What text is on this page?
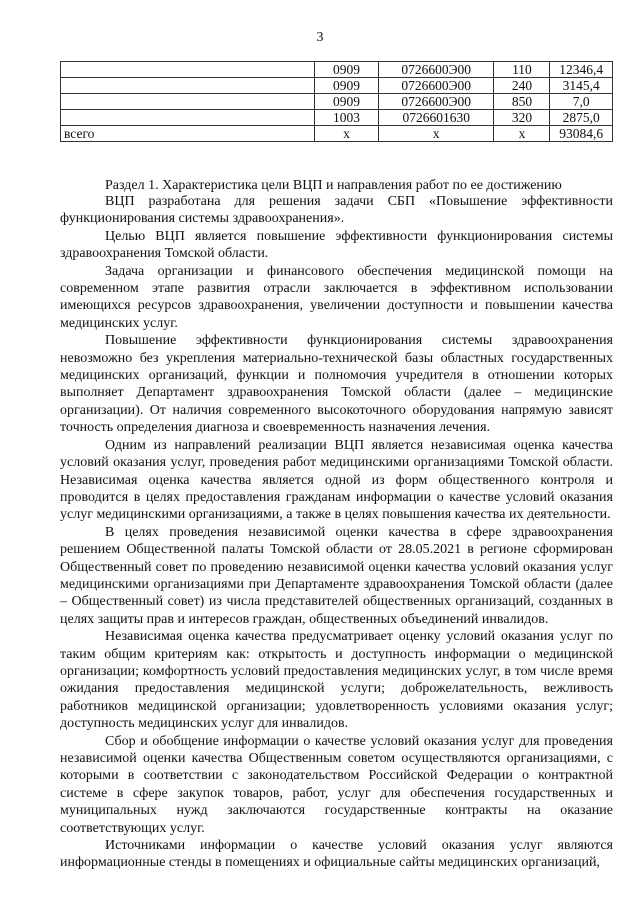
3
	0909	0726600Э00	110	12346,4
	0909	0726600Э00	240	3145,4
	0909	0726600Э00	850	7,0
	1003	0726601630	320	2875,0
всего	х	х	х	93084,6
Раздел 1. Характеристика цели ВЦП и направления работ по ее достижению

ВЦП разработана для решения задачи СБП «Повышение эффективности функционирования системы здравоохранения».

Целью ВЦП является повышение эффективности функционирования системы здравоохранения Томской области.

Задача организации и финансового обеспечения медицинской помощи на современном этапе развития отрасли заключается в эффективном использовании имеющихся ресурсов здравоохранения, увеличении доступности и повышении качества медицинских услуг.

Повышение эффективности функционирования системы здравоохранения невозможно без укрепления материально-технической базы областных государственных медицинских организаций, функции и полномочия учредителя в отношении которых выполняет Департамент здравоохранения Томской области (далее – медицинские организации). От наличия современного высокоточного оборудования напрямую зависят точность определения диагноза и своевременность назначения лечения.

Одним из направлений реализации ВЦП является независимая оценка качества условий оказания услуг, проведения работ медицинскими организациями Томской области. Независимая оценка качества является одной из форм общественного контроля и проводится в целях предоставления гражданам информации о качестве условий оказания услуг медицинскими организациями, а также в целях повышения качества их деятельности.

В целях проведения независимой оценки качества в сфере здравоохранения решением Общественной палаты Томской области от 28.05.2021 в регионе сформирован Общественный совет по проведению независимой оценки качества условий оказания услуг медицинскими организациями при Департаменте здравоохранения Томской области (далее – Общественный совет) из числа представителей общественных организаций, созданных в целях защиты прав и интересов граждан, общественных объединений инвалидов.

Независимая оценка качества предусматривает оценку условий оказания услуг по таким общим критериям как: открытость и доступность информации о медицинской организации; комфортность условий предоставления медицинских услуг, в том числе время ожидания предоставления медицинской услуги; доброжелательность, вежливость работников медицинской организации; удовлетворенность условиями оказания услуг; доступность медицинских услуг для инвалидов.

Сбор и обобщение информации о качестве условий оказания услуг для проведения независимой оценки качества Общественным советом осуществляются организациями, с которыми в соответствии с законодательством Российской Федерации о контрактной системе в сфере закупок товаров, работ, услуг для обеспечения государственных и муниципальных нужд заключаются государственные контракты на оказание соответствующих услуг.

Источниками информации о качестве условий оказания услуг являются информационные стенды в помещениях и официальные сайты медицинских организаций,
